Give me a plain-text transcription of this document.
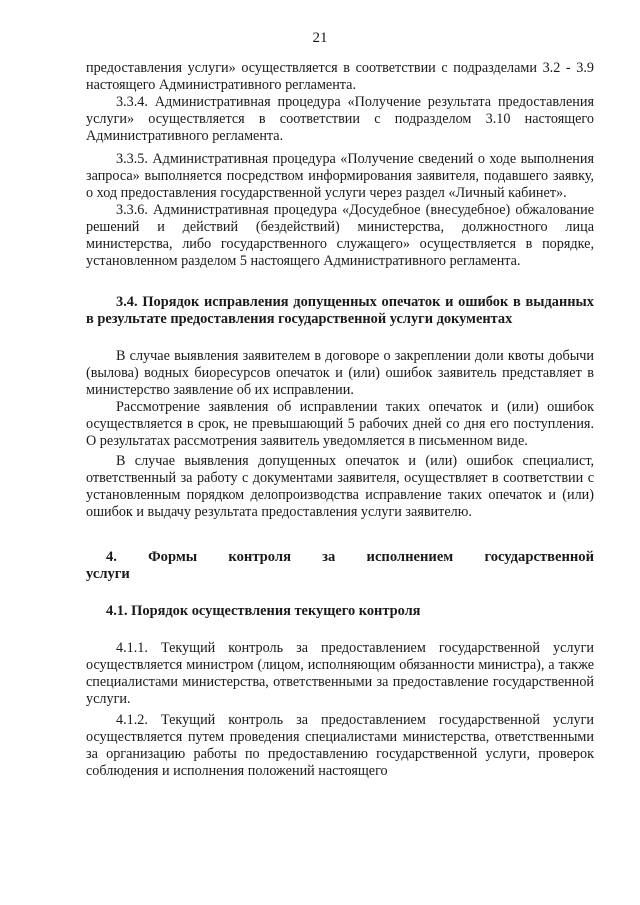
21

предоставления услуги» осуществляется в соответствии с подразделами 3.2 - 3.9 настоящего Административного регламента.

3.3.4. Административная процедура «Получение результата предоставления услуги» осуществляется в соответствии с подразделом 3.10 настоящего Административного регламента.

3.3.5. Административная процедура «Получение сведений о ходе выполнения запроса» выполняется посредством информирования заявителя, подавшего заявку, о ход предоставления государственной услуги через раздел «Личный кабинет».

3.3.6. Административная процедура «Досудебное (внесудебное) обжалование решений и действий (бездействий) министерства, должностного лица министерства, либо государственного служащего» осуществляется в порядке, установленном разделом 5 настоящего Административного регламента.

3.4. Порядок исправления допущенных опечаток и ошибок в выданных в результате предоставления государственной услуги документах

В случае выявления заявителем в договоре о закреплении доли квоты добычи (вылова) водных биоресурсов опечаток и (или) ошибок заявитель представляет в министерство заявление об их исправлении.

Рассмотрение заявления об исправлении таких опечаток и (или) ошибок осуществляется в срок, не превышающий 5 рабочих дней со дня его поступления. О результатах рассмотрения заявитель уведомляется в письменном виде.

В случае выявления допущенных опечаток и (или) ошибок специалист, ответственный за работу с документами заявителя, осуществляет в соответствии с установленным порядком делопроизводства исправление таких опечаток и (или) ошибок и выдачу результата предоставления услуги заявителю.

4. Формы контроля за исполнением государственной услуги

4.1. Порядок осуществления текущего контроля

4.1.1. Текущий контроль за предоставлением государственной услуги осуществляется министром (лицом, исполняющим обязанности министра), а также специалистами министерства, ответственными за предоставление государственной услуги.

4.1.2. Текущий контроль за предоставлением государственной услуги осуществляется путем проведения специалистами министерства, ответственными за организацию работы по предоставлению государственной услуги, проверок соблюдения и исполнения положений настоящего
